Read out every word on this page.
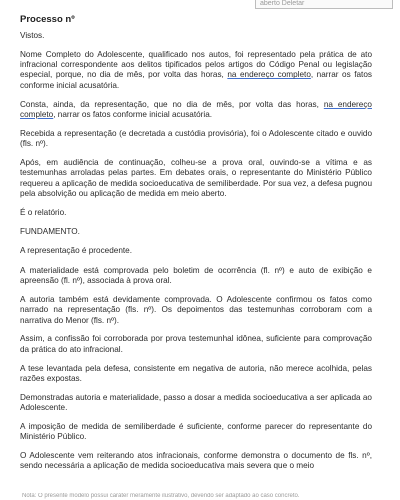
aberto Deletar
Processo nº

Vistos.

Nome Completo do Adolescente, qualificado nos autos, foi representado pela prática de ato infracional correspondente aos delitos tipificados pelos artigos do Código Penal ou legislação especial, porque, no dia de mês, por volta das horas, na endereço completo, narrar os fatos conforme inicial acusatória.

Consta, ainda, da representação, que no dia de mês, por volta das horas, na endereço completo, narrar os fatos conforme inicial acusatória.

Recebida a representação (e decretada a custódia provisória), foi o Adolescente citado e ouvido (fls. nº).

Após, em audiência de continuação, colheu-se a prova oral, ouvindo-se a vítima e as testemunhas arroladas pelas partes. Em debates orais, o representante do Ministério Público requereu a aplicação de medida socioeducativa de semiliberdade. Por sua vez, a defesa pugnou pela absolvição ou aplicação de medida em meio aberto.

É o relatório.

FUNDAMENTO.

A representação é procedente.

A materialidade está comprovada pelo boletim de ocorrência (fl. nº) e auto de exibição e apreensão (fl. nº), associada à prova oral.

A autoria também está devidamente comprovada. O Adolescente confirmou os fatos como narrado na representação (fls. nº). Os depoimentos das testemunhas corroboram com a narrativa do Menor (fls. nº).

Assim, a confissão foi corroborada por prova testemunhal idônea, suficiente para comprovação da prática do ato infracional.

A tese levantada pela defesa, consistente em negativa de autoria, não merece acolhida, pelas razões expostas.

Demonstradas autoria e materialidade, passo a dosar a medida socioeducativa a ser aplicada ao Adolescente.

A imposição de medida de semiliberdade é suficiente, conforme parecer do representante do Ministério Público.

O Adolescente vem reiterando atos infracionais, conforme demonstra o documento de fls. nº, sendo necessária a aplicação de medida socioeducativa mais severa que o meio

Nota: O presente modelo possui caráter meramente ilustrativo, devendo ser adaptado ao caso concreto.
